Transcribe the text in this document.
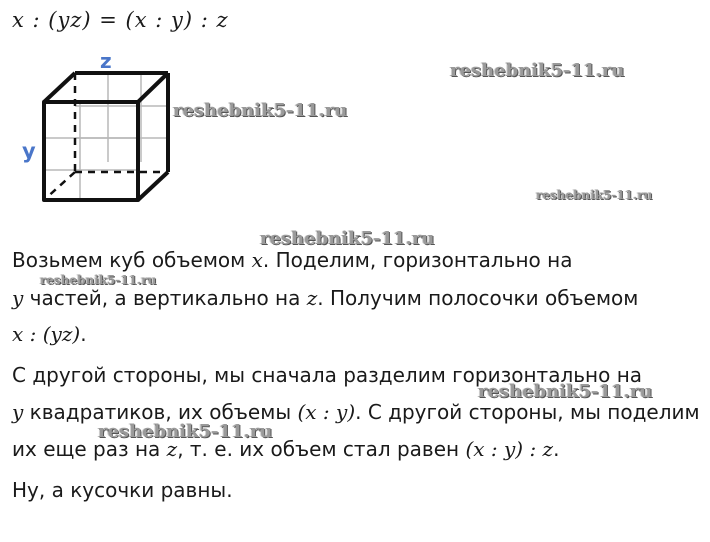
x : (yz) = (x : y) : z
z
y
reshebnik5-11.ru
reshebnik5-11.ru
reshebnik5-11.ru
reshebnik5-11.ru
reshebnik5-11.ru
reshebnik5-11.ru
reshebnik5-11.ru
Возьмем куб объемом x. Поделим, горизонтально на
y частей, а вертикально на z. Получим полосочки объемом
x : (yz).
С другой стороны, мы сначала разделим горизонтально на
y квадратиков, их объемы (x : y). С другой стороны, мы поделим
их еще раз на z, т. е. их объем стал равен (x : y) : z.
Ну, а кусочки равны.
